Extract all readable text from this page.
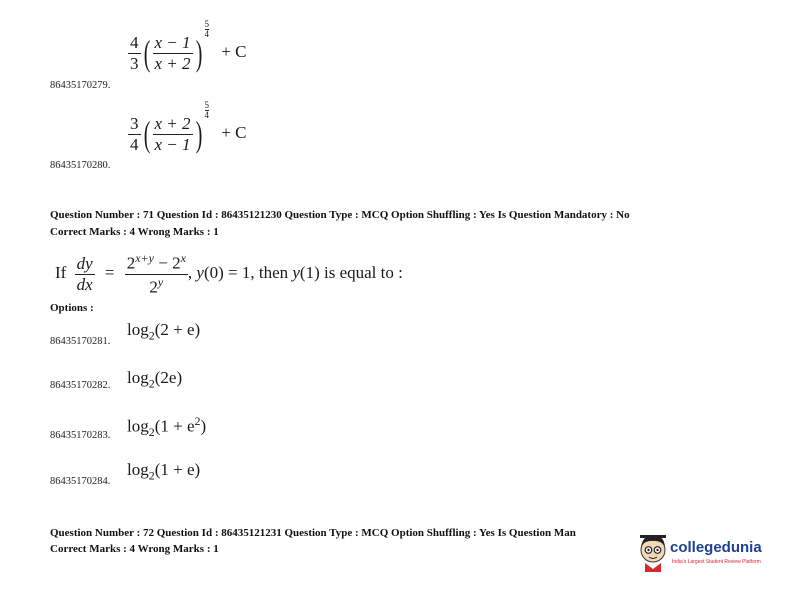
$\frac{4}{3}$ ( $\frac{x - 1}{x + 2}$ )
$\frac{5}{4}$
+ C
86435170279.
$\frac{3}{4}$ ( $\frac{x + 2}{x - 1}$ )
$\frac{5}{4}$
+ C
86435170280.
Question Number : 71 Question Id : 86435121230 Question Type : MCQ Option Shuffling : Yes Is Question Mandatory : No
Correct Marks : 4 Wrong Marks : 1
If $\frac{dy}{dx} = \frac{2^{x+y} - 2^x}{2^y}$ , y(0) = 1, then y(1) is equal to :
Options :
$\log_2(2 + e)$
86435170281.
$\log_2(2e)$
86435170282.
$\log_2(1 + e^2)$
86435170283.
$\log_2(1 + e)$
86435170284.
Question Number : 72 Question Id : 86435121231 Question Type : MCQ Option Shuffling : Yes Is Question Man
Correct Marks : 4 Wrong Marks : 1	collegedunia
India's Largest Student Review Platform
